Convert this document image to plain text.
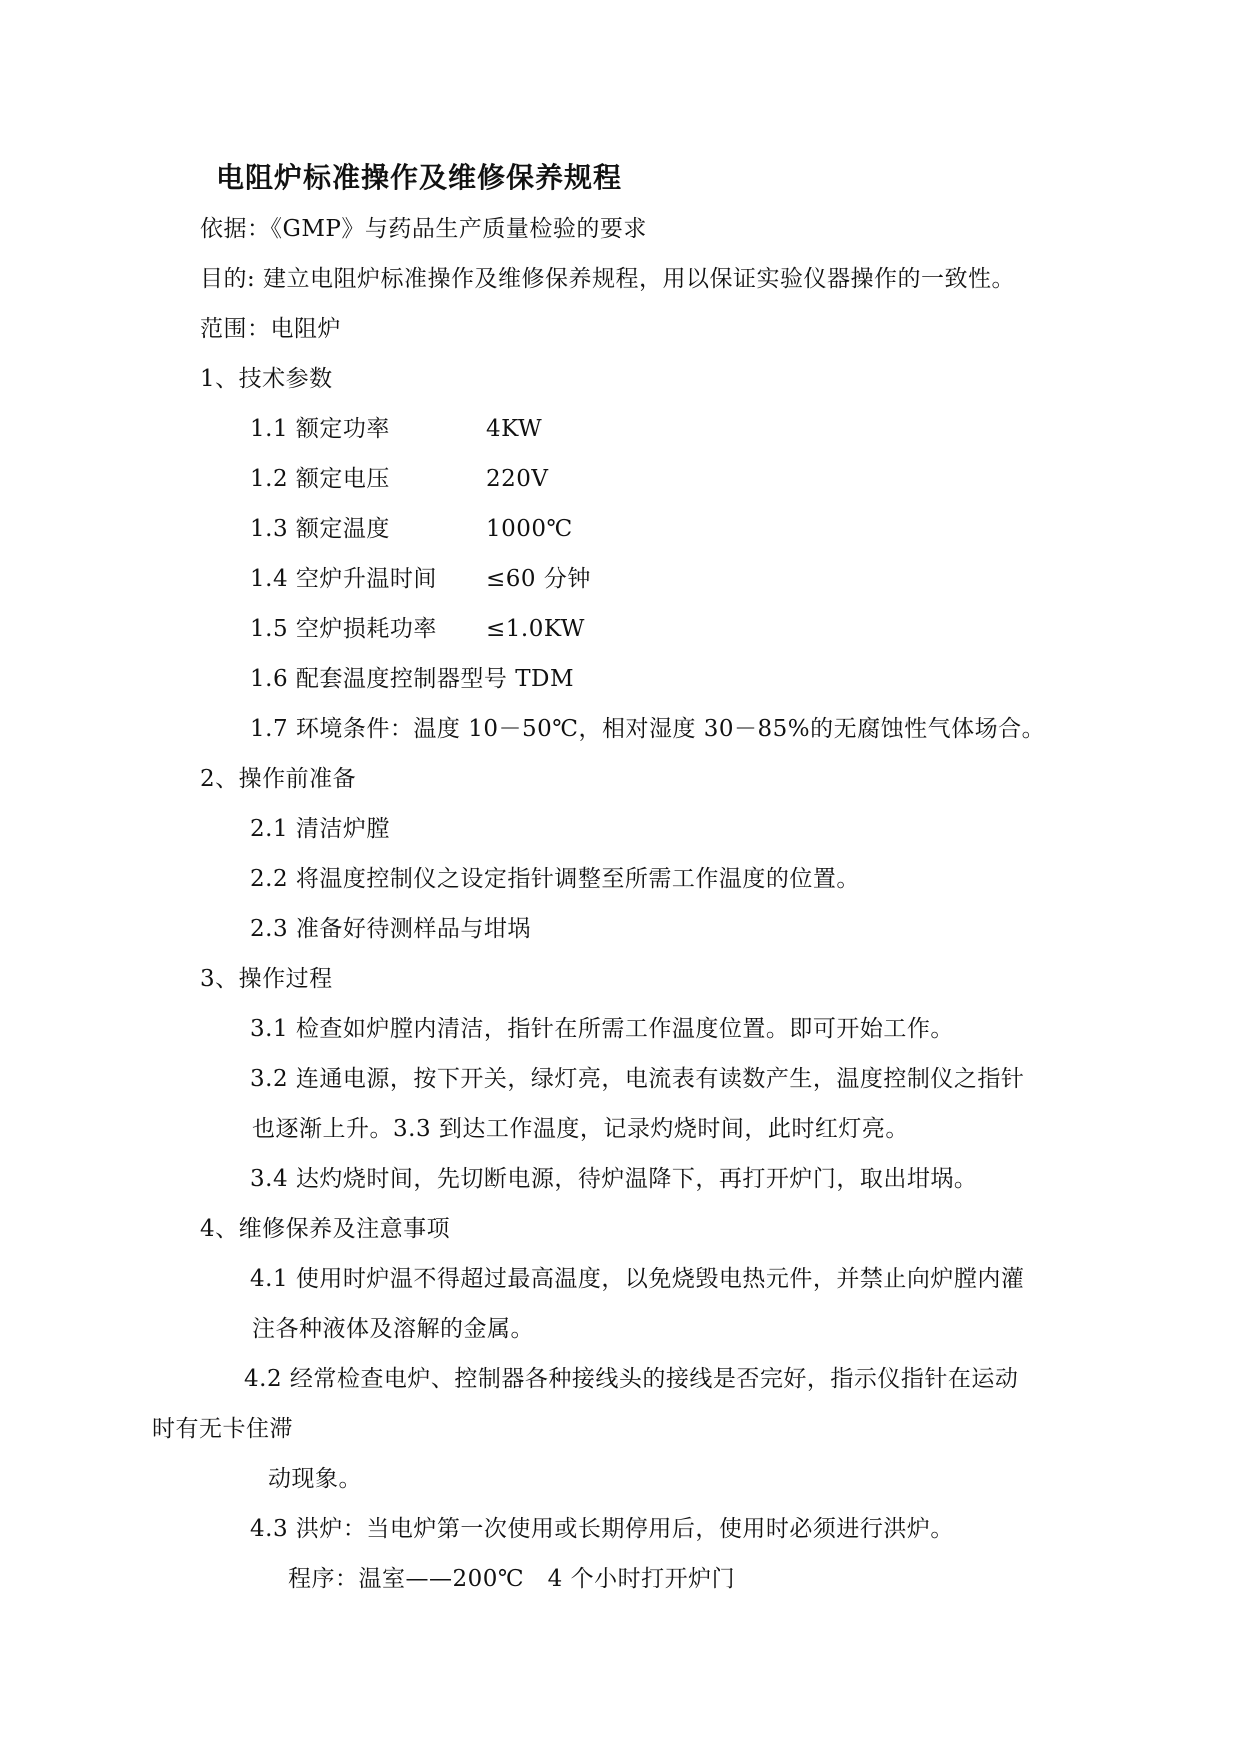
电阻炉标准操作及维修保养规程
依据：《GMP》与药品生产质量检验的要求
目的: 建立电阻炉标准操作及维修保养规程，用以保证实验仪器操作的一致性。
范围：电阻炉
1、技术参数
1.1 额定功率	4KW
1.2 额定电压	220V
1.3 额定温度	1000℃
1.4 空炉升温时间 ≤60 分钟
1.5 空炉损耗功率 ≤1.0KW
1.6 配套温度控制器型号 TDM
1.7 环境条件：温度 10－50℃，相对湿度 30－85%的无腐蚀性气体场合。
2、操作前准备
2.1 清洁炉膛
2.2 将温度控制仪之设定指针调整至所需工作温度的位置。
2.3 准备好待测样品与坩埚
3、操作过程
3.1 检查如炉膛内清洁，指针在所需工作温度位置。即可开始工作。
3.2 连通电源，按下开关，绿灯亮，电流表有读数产生，温度控制仪之指针
也逐渐上升。3.3 到达工作温度，记录灼烧时间，此时红灯亮。
3.4 达灼烧时间，先切断电源，待炉温降下，再打开炉门，取出坩埚。
4、维修保养及注意事项
4.1 使用时炉温不得超过最高温度，以免烧毁电热元件，并禁止向炉膛内灌
注各种液体及溶解的金属。
4.2 经常检查电炉、控制器各种接线头的接线是否完好，指示仪指针在运动
时有无卡住滞
动现象。
4.3 洪炉：当电炉第一次使用或长期停用后，使用时必须进行洪炉。
程序：温室——200℃　4 个小时打开炉门
